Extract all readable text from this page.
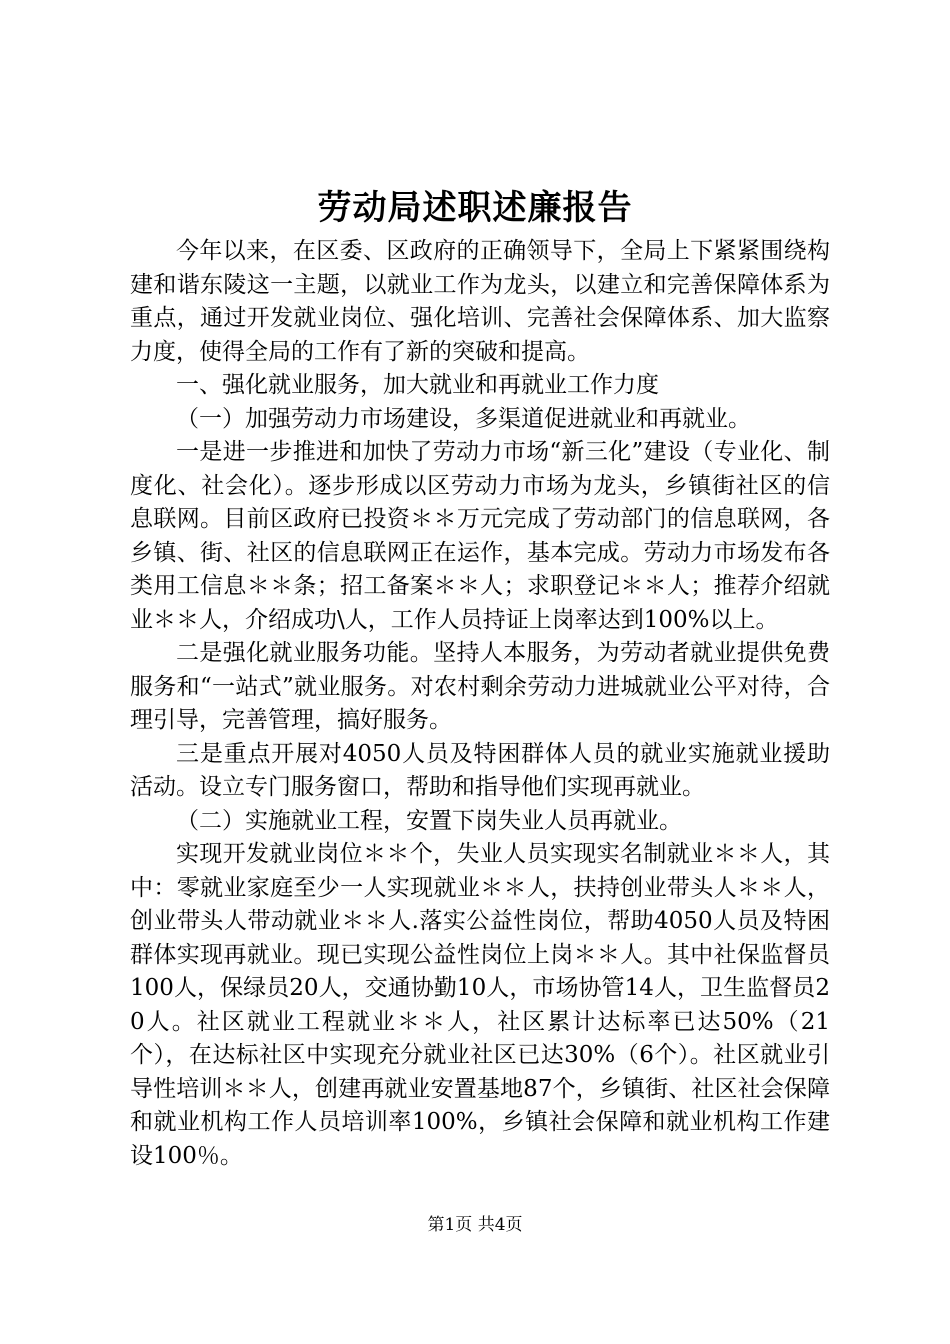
劳动局述职述廉报告

今年以来，在区委、区政府的正确领导下，全局上下紧紧围绕构建和谐东陵这一主题，以就业工作为龙头，以建立和完善保障体系为重点，通过开发就业岗位、强化培训、完善社会保障体系、加大监察力度，使得全局的工作有了新的突破和提高。

一、强化就业服务，加大就业和再就业工作力度

（一）加强劳动力市场建设，多渠道促进就业和再就业。

一是进一步推进和加快了劳动力市场“新三化”建设（专业化、制度化、社会化）。逐步形成以区劳动力市场为龙头，乡镇街社区的信息联网。目前区政府已投资＊＊万元完成了劳动部门的信息联网，各乡镇、街、社区的信息联网正在运作，基本完成。劳动力市场发布各类用工信息＊＊条；招工备案＊＊人；求职登记＊＊人；推荐介绍就业＊＊人，介绍成功\人，工作人员持证上岗率达到100%以上。

二是强化就业服务功能。坚持人本服务，为劳动者就业提供免费服务和“一站式”就业服务。对农村剩余劳动力进城就业公平对待，合理引导，完善管理，搞好服务。

三是重点开展对4050人员及特困群体人员的就业实施就业援助活动。设立专门服务窗口，帮助和指导他们实现再就业。

（二）实施就业工程，安置下岗失业人员再就业。

实现开发就业岗位＊＊个，失业人员实现实名制就业＊＊人，其中：零就业家庭至少一人实现就业＊＊人，扶持创业带头人＊＊人，创业带头人带动就业＊＊人.落实公益性岗位，帮助4050人员及特困群体实现再就业。现已实现公益性岗位上岗＊＊人。其中社保监督员100人，保绿员20人，交通协勤10人，市场协管14人，卫生监督员20人。社区就业工程就业＊＊人，社区累计达标率已达50%（21个），在达标社区中实现充分就业社区已达30%（6个）。社区就业引导性培训＊＊人，创建再就业安置基地87个，乡镇街、社区社会保障和就业机构工作人员培训率100%，乡镇社会保障和就业机构工作建设100％。

第1页 共4页
